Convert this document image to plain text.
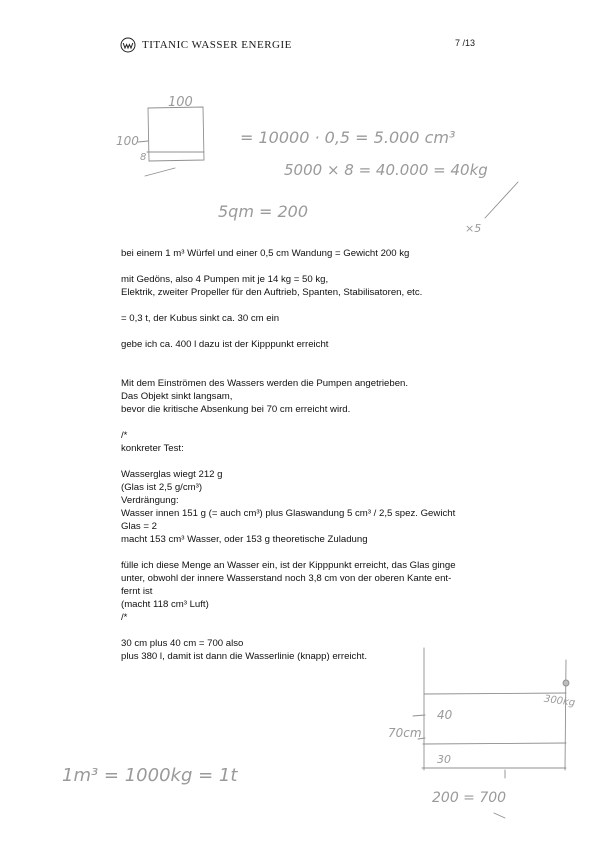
TITANIC WASSER ENERGIE	7 /13
100
100
8
= 10000 · 0,5 = 5.000 cm³
5000 × 8 = 40.000 = 40kg
5qm = 200
×5

bei einem 1 m³ Würfel und einer 0,5 cm Wandung = Gewicht 200 kg

mit Gedöns, also 4 Pumpen mit je 14 kg = 50 kg,

Elektrik, zweiter Propeller für den Auftrieb, Spanten, Stabilisatoren, etc.

= 0,3 t, der Kubus sinkt ca. 30 cm ein

gebe ich ca. 400 l dazu ist der Kipppunkt erreicht

Mit dem Einströmen des Wassers werden die Pumpen angetrieben.

Das Objekt sinkt langsam,

bevor die kritische Absenkung bei 70 cm erreicht wird.

/*

konkreter Test:

Wasserglas wiegt 212 g

(Glas ist 2,5 g/cm³)

Verdrängung:

Wasser innen 151 g (= auch cm³) plus Glaswandung 5 cm³ / 2,5 spez. Gewicht

Glas = 2

macht 153 cm³ Wasser, oder 153 g theoretische Zuladung

fülle ich diese Menge an Wasser ein, ist der Kipppunkt erreicht, das Glas ginge

unter, obwohl der innere Wasserstand noch 3,8 cm von der oberen Kante ent-

fernt ist

(macht 118 cm³ Luft)

/*

30 cm plus 40 cm = 700 also

plus 380 l, damit ist dann die Wasserlinie (knapp) erreicht.

40
70cm
30
300kg
200 = 700
1m³ = 1000kg = 1t
